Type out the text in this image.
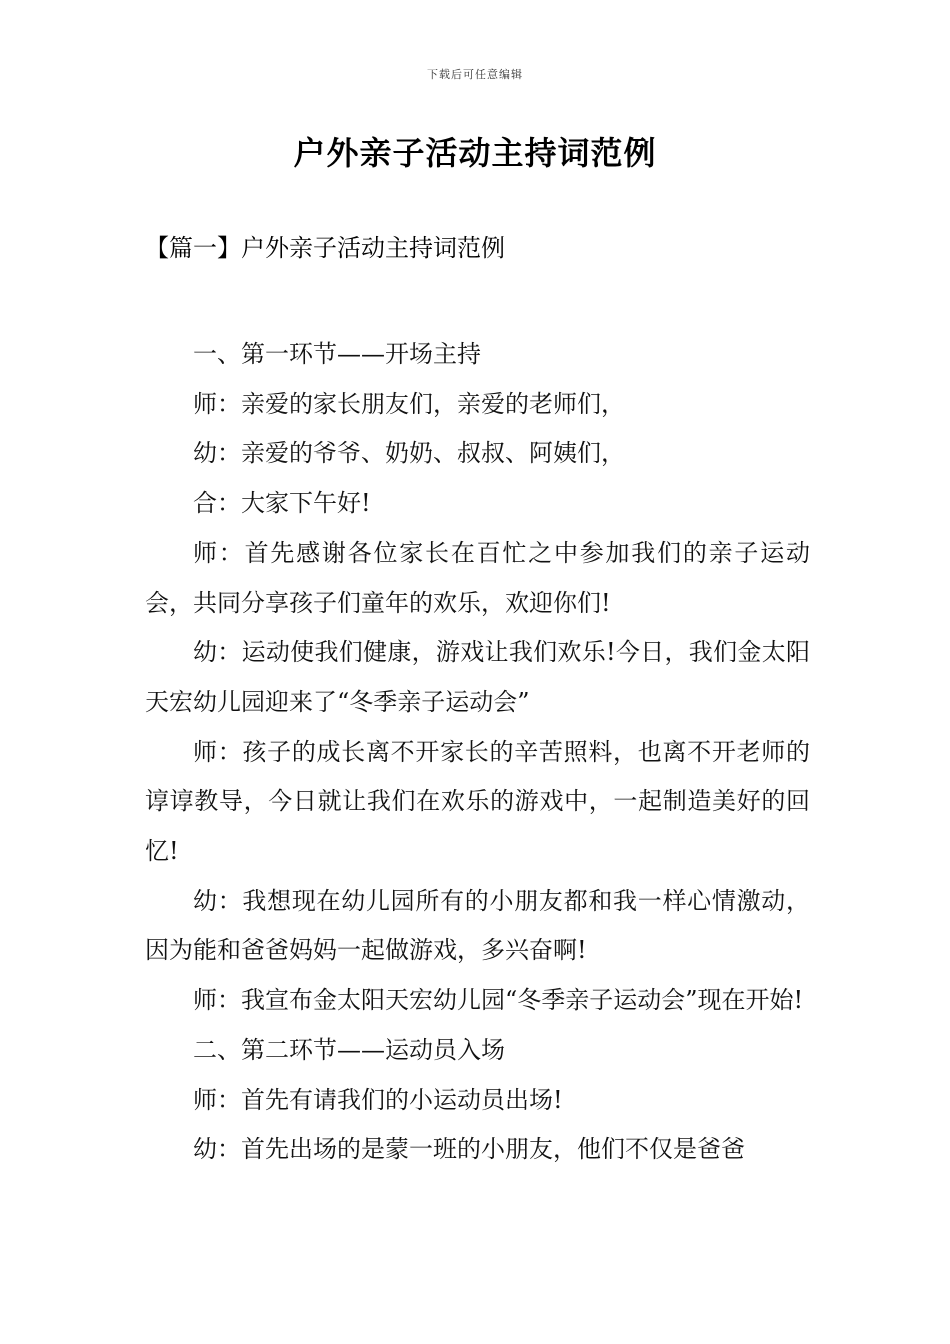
下载后可任意编辑
户外亲子活动主持词范例
【篇一】户外亲子活动主持词范例

一、第一环节——开场主持

师：亲爱的家长朋友们，亲爱的老师们，

幼：亲爱的爷爷、奶奶、叔叔、阿姨们，

合：大家下午好!

师：首先感谢各位家长在百忙之中参加我们的亲子运动会，共同分享孩子们童年的欢乐，欢迎你们!

幼：运动使我们健康，游戏让我们欢乐!今日，我们金太阳天宏幼儿园迎来了“冬季亲子运动会”

师：孩子的成长离不开家长的辛苦照料，也离不开老师的谆谆教导，今日就让我们在欢乐的游戏中，一起制造美好的回忆!

幼：我想现在幼儿园所有的小朋友都和我一样心情激动，因为能和爸爸妈妈一起做游戏，多兴奋啊!

师：我宣布金太阳天宏幼儿园“冬季亲子运动会”现在开始!

二、第二环节——运动员入场

师：首先有请我们的小运动员出场!

幼：首先出场的是蒙一班的小朋友，他们不仅是爸爸
